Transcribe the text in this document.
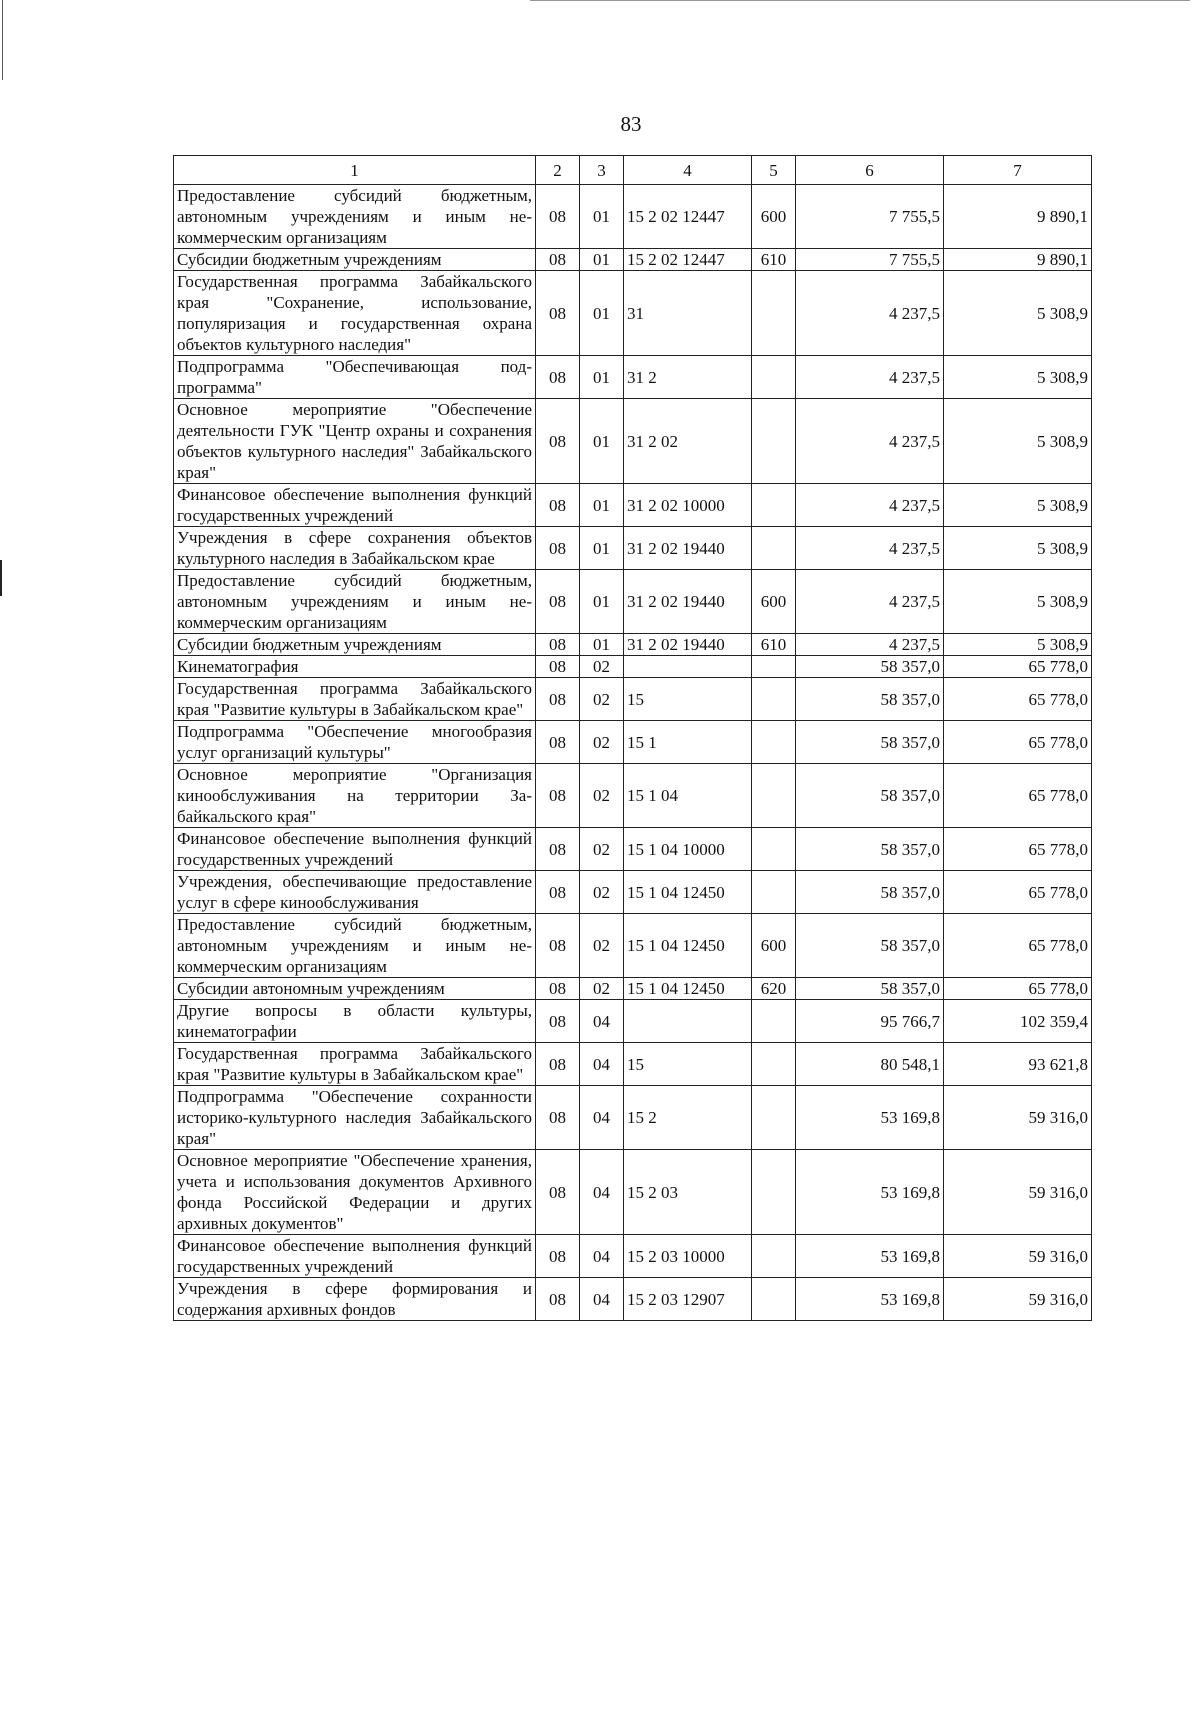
83
1	2	3	4	5	6	7
Предоставление субсидий бюджетным, автономным учреждениям и иным некоммерческим организациям	08	01	15 2 02 12447	600	7 755,5	9 890,1
Субсидии бюджетным учреждениям	08	01	15 2 02 12447	610	7 755,5	9 890,1
Государственная программа Забайкальского края "Сохранение, использование, популяризация и государственная охрана объектов культурного наследия"	08	01	31		4 237,5	5 308,9
Подпрограмма "Обеспечивающая подпрограмма"	08	01	31 2		4 237,5	5 308,9
Основное мероприятие "Обеспечение деятельности ГУК "Центр охраны и сохранения объектов культурного наследия" Забайкальского края"	08	01	31 2 02		4 237,5	5 308,9
Финансовое обеспечение выполнения функций государственных учреждений	08	01	31 2 02 10000		4 237,5	5 308,9
Учреждения в сфере сохранения объектов культурного наследия в Забайкальском крае	08	01	31 2 02 19440		4 237,5	5 308,9
Предоставление субсидий бюджетным, автономным учреждениям и иным некоммерческим организациям	08	01	31 2 02 19440	600	4 237,5	5 308,9
Субсидии бюджетным учреждениям	08	01	31 2 02 19440	610	4 237,5	5 308,9
Кинематография	08	02			58 357,0	65 778,0
Государственная программа Забайкальского края "Развитие культуры в Забайкальском крае"	08	02	15		58 357,0	65 778,0
Подпрограмма "Обеспечение многообразия услуг организаций культуры"	08	02	15 1		58 357,0	65 778,0
Основное мероприятие "Организация кинообслуживания на территории Забайкальского края"	08	02	15 1 04		58 357,0	65 778,0
Финансовое обеспечение выполнения функций государственных учреждений	08	02	15 1 04 10000		58 357,0	65 778,0
Учреждения, обеспечивающие предоставление услуг в сфере кинообслуживания	08	02	15 1 04 12450		58 357,0	65 778,0
Предоставление субсидий бюджетным, автономным учреждениям и иным некоммерческим организациям	08	02	15 1 04 12450	600	58 357,0	65 778,0
Субсидии автономным учреждениям	08	02	15 1 04 12450	620	58 357,0	65 778,0
Другие вопросы в области культуры, кинематографии	08	04			95 766,7	102 359,4
Государственная программа Забайкальского края "Развитие культуры в Забайкальском крае"	08	04	15		80 548,1	93 621,8
Подпрограмма "Обеспечение сохранности историко-культурного наследия Забайкальского края"	08	04	15 2		53 169,8	59 316,0
Основное мероприятие "Обеспечение хранения, учета и использования документов Архивного фонда Российской Федерации и других архивных документов"	08	04	15 2 03		53 169,8	59 316,0
Финансовое обеспечение выполнения функций государственных учреждений	08	04	15 2 03 10000		53 169,8	59 316,0
Учреждения в сфере формирования и содержания архивных фондов	08	04	15 2 03 12907		53 169,8	59 316,0
